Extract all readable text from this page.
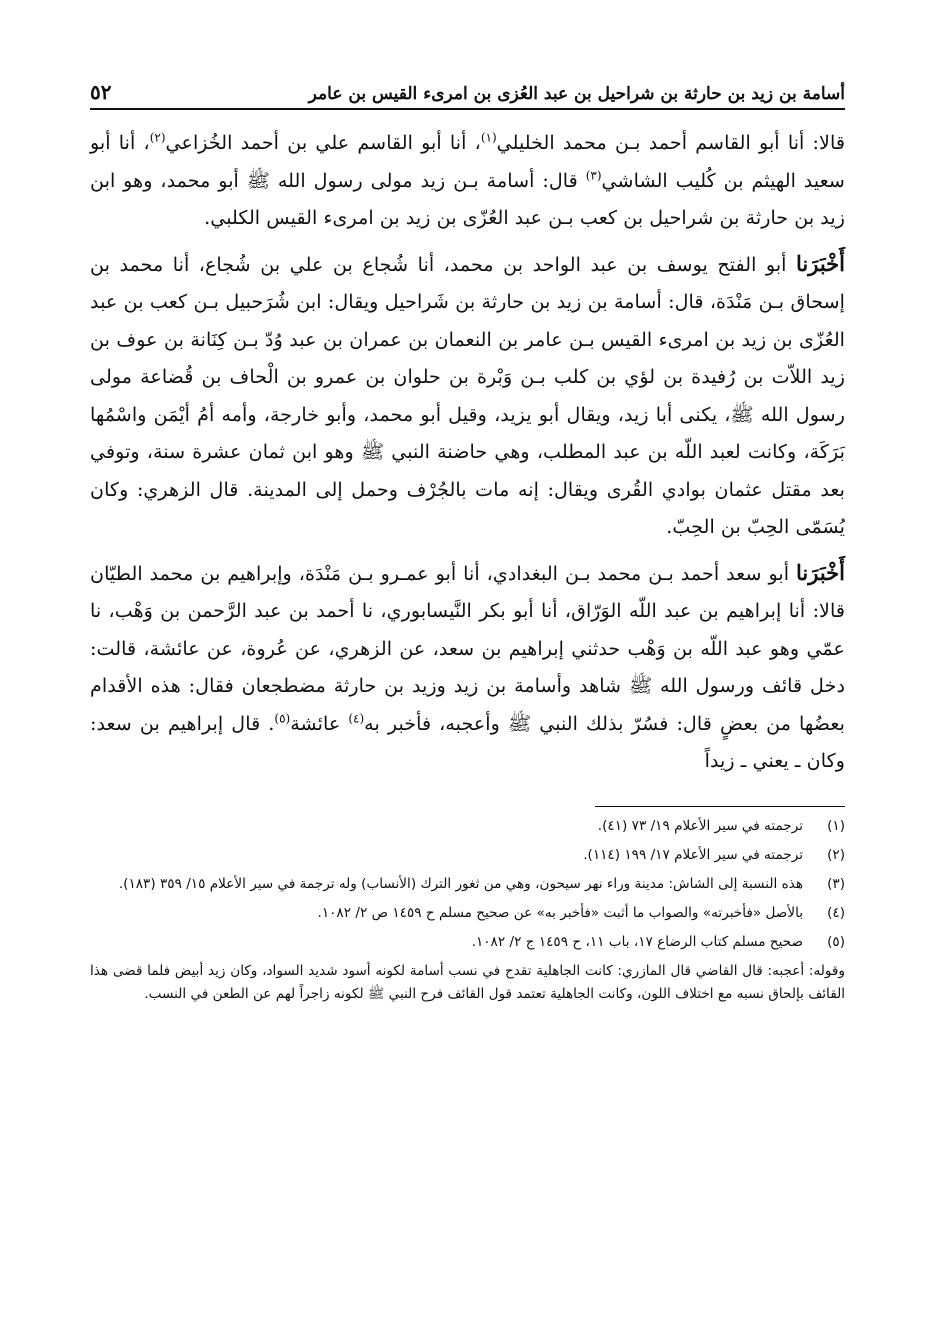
أسامة بن زيد بن حارثة بن شراحيل بن عبد العُزى بن امرىء القيس بن عامر
٥٢

قالا: أنا أبو القاسم أحمد بـن محمد الخليلي$^{(١)}$، أنا أبو القاسم علي بن أحمد الخُزاعي$^{(٢)}$، أنا أبو سعيد الهيثم بن كُليب الشاشي$^{(٣)}$ قال: أسامة بـن زيد مولى رسول الله ﷺ أبو محمد، وهو ابن زيد بن حارثة بن شراحيل بن كعب بـن عبد العُزّى بن زيد بن امرىء القيس الكلبي.

أَخْبَرَنا أبو الفتح يوسف بن عبد الواحد بن محمد، أنا شُجاع بن علي بن شُجاع، أنا محمد بن إسحاق بـن مَنْدَة، قال: أسامة بن زيد بن حارثة بن شَراحيل ويقال: ابن شُرَحبيل بـن كعب بن عبد العُزّى بن زيد بن امرىء القيس بـن عامر بن النعمان بن عمران بن عبد وُدّ بـن كِنَانة بن عوف بن زيد اللاّت بن رُفيدة بن لؤي بن كلب بـن وَبْرة بن حلوان بن عمرو بن الْحاف بن قُضاعة مولى رسول الله ﷺ، يكنى أبا زيد، ويقال أبو يزيد، وقيل أبو محمد، وأبو خارجة، وأمه أمُ أيْمَن واسْمُها بَرَكَة، وكانت لعبد اللّه بن عبد المطلب، وهي حاضنة النبي ﷺ وهو ابن ثمان عشرة سنة، وتوفي بعد مقتل عثمان بوادي القُرى ويقال: إنه مات بالجُرْف وحمل إلى المدينة. قال الزهري: وكان يُسَمّى الحِبّ بن الحِبّ.

أَخْبَرَنا أبو سعد أحمد بـن محمد بـن البغدادي، أنا أبو عمـرو بـن مَنْدَة، وإبراهيم بن محمد الطيّان قالا: أنا إبراهيم بن عبد اللّه الوَرّاق، أنا أبو بكر النَّيسابوري، نا أحمد بن عبد الرَّحمن بن وَهْب، نا عمّي وهو عبد اللّه بن وَهْب حدثني إبراهيم بن سعد، عن الزهري، عن عُروة، عن عائشة، قالت: دخل قائف ورسول الله ﷺ شاهد وأسامة بن زيد وزيد بن حارثة مضطجعان فقال: هذه الأقدام بعضُها من بعضٍ قال: فسُرّ بذلك النبي ﷺ وأعجبه، فأخبر به$^{(٤)}$ عائشة$^{(٥)}$. قال إبراهيم بن سعد: وكان ـ يعني ـ زيداً

(١)
ترجمته في سير الأعلام ١٩/ ٧٣ (٤١).
(٢)
ترجمته في سير الأعلام ١٧/ ١٩٩ (١١٤).
(٣)
هذه النسبة إلى الشاش: مدينة وراء نهر سيحون، وهي من ثغور الترك (الأنساب) وله ترجمة في سير الأعلام ١٥/ ٣٥٩ (١٨٣).
(٤)
بالأصل «فأخبرته» والصواب ما أثبت «فأخبر به» عن صحيح مسلم ح ١٤٥٩ ص ٢/ ١٠٨٢.
(٥)
صحيح مسلم كتاب الرضاع ١٧، باب ١١، ح ١٤٥٩ ج ٢/ ١٠٨٢.

وقوله: أعجبه: قال القاضي قال المازري: كانت الجاهلية تقدح في نسب أسامة لكونه أسود شديد السواد، وكان زيد أبيض فلما قضى هذا القائف بإلحاق نسبه مع اختلاف اللون، وكانت الجاهلية تعتمد قول القائف فرح النبي ﷺ لكونه زاجراً لهم عن الطعن في النسب.
